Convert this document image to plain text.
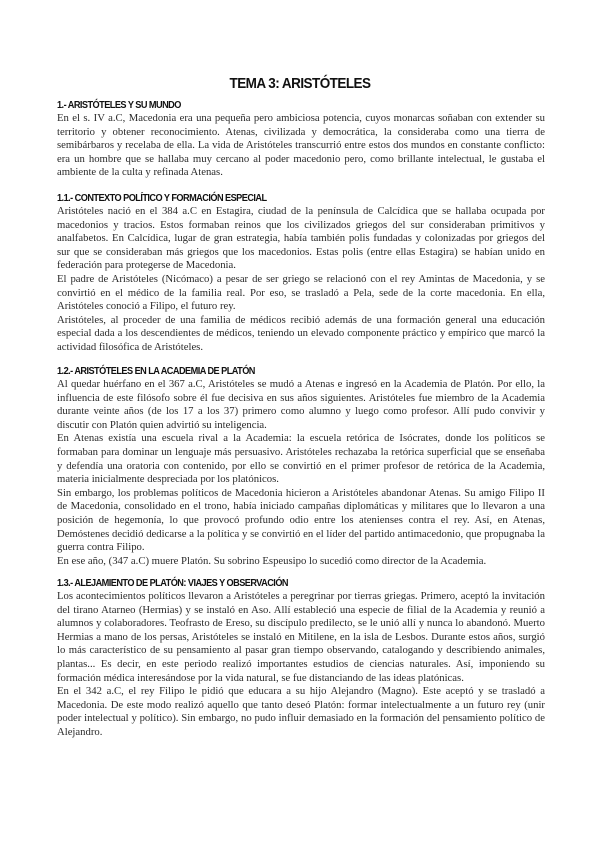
TEMA 3: ARISTÓTELES
1.- ARISTÓTELES Y SU MUNDO

En el s. IV a.C, Macedonia era una pequeña pero ambiciosa potencia, cuyos monarcas soñaban con extender su territorio y obtener reconocimiento. Atenas, civilizada y democrática, la consideraba como una tierra de semibárbaros y recelaba de ella. La vida de Aristóteles transcurrió entre estos dos mundos en constante conflicto: era un hombre que se hallaba muy cercano al poder macedonio pero, como brillante intelectual, le gustaba el ambiente de la culta y refinada Atenas.

1.1.- CONTEXTO POLÍTICO Y FORMACIÓN ESPECIAL

Aristóteles nació en el 384 a.C en Estagira, ciudad de la península de Calcídica que se hallaba ocupada por macedonios y tracios. Estos formaban reinos que los civilizados griegos del sur consideraban primitivos y analfabetos. En Calcídica, lugar de gran estrategia, había también polis fundadas y colonizadas por griegos del sur que se consideraban más griegos que los macedonios. Estas polis (entre ellas Estagira) se habían unido en federación para protegerse de Macedonia.

El padre de Aristóteles (Nicómaco) a pesar de ser griego se relacionó con el rey Amintas de Macedonia, y se convirtió en el médico de la familia real. Por eso, se trasladó a Pela, sede de la corte macedonia. En ella, Aristóteles conoció a Filipo, el futuro rey.

Aristóteles, al proceder de una familia de médicos recibió además de una formación general una educación especial dada a los descendientes de médicos, teniendo un elevado componente práctico y empírico que marcó la actividad filosófica de Aristóteles.

1.2.- ARISTÓTELES EN LA ACADEMIA DE PLATÓN

Al quedar huérfano en el 367 a.C, Aristóteles se mudó a Atenas e ingresó en la Academia de Platón. Por ello, la influencia de este filósofo sobre él fue decisiva en sus años siguientes. Aristóteles fue miembro de la Academia durante veinte años (de los 17 a los 37) primero como alumno y luego como profesor. Allí pudo convivir y discutir con Platón quien advirtió su inteligencia.

En Atenas existía una escuela rival a la Academia: la escuela retórica de Isócrates, donde los políticos se formaban para dominar un lenguaje más persuasivo. Aristóteles rechazaba la retórica superficial que se enseñaba y defendía una oratoria con contenido, por ello se convirtió en el primer profesor de retórica de la Academia, materia inicialmente despreciada por los platónicos.

Sin embargo, los problemas políticos de Macedonia hicieron a Aristóteles abandonar Atenas. Su amigo Filipo II de Macedonia, consolidado en el trono, había iniciado campañas diplomáticas y militares que lo llevaron a una posición de hegemonía, lo que provocó profundo odio entre los atenienses contra el rey. Así, en Atenas, Demóstenes decidió dedicarse a la política y se convirtió en el líder del partido antimacedonio, que propugnaba la guerra contra Filipo.

En ese año, (347 a.C) muere Platón. Su sobrino Espeusipo lo sucedió como director de la Academia.

1.3.- ALEJAMIENTO DE PLATÓN: VIAJES Y OBSERVACIÓN

Los acontecimientos políticos llevaron a Aristóteles a peregrinar por tierras griegas. Primero, aceptó la invitación del tirano Atarneo (Hermias) y se instaló en Aso. Allí estableció una especie de filial de la Academia y reunió a alumnos y colaboradores. Teofrasto de Ereso, su discípulo predilecto, se le unió allí y nunca lo abandonó. Muerto Hermias a mano de los persas, Aristóteles se instaló en Mitilene, en la isla de Lesbos. Durante estos años, surgió lo más característico de su pensamiento al pasar gran tiempo observando, catalogando y describiendo animales, plantas... Es decir, en este periodo realizó importantes estudios de ciencias naturales. Así, imponiendo su formación médica interesándose por la vida natural, se fue distanciando de las ideas platónicas.

En el 342 a.C, el rey Filipo le pidió que educara a su hijo Alejandro (Magno). Este aceptó y se trasladó a Macedonia. De este modo realizó aquello que tanto deseó Platón: formar intelectualmente a un futuro rey (unir poder intelectual y político). Sin embargo, no pudo influir demasiado en la formación del pensamiento político de Alejandro.
